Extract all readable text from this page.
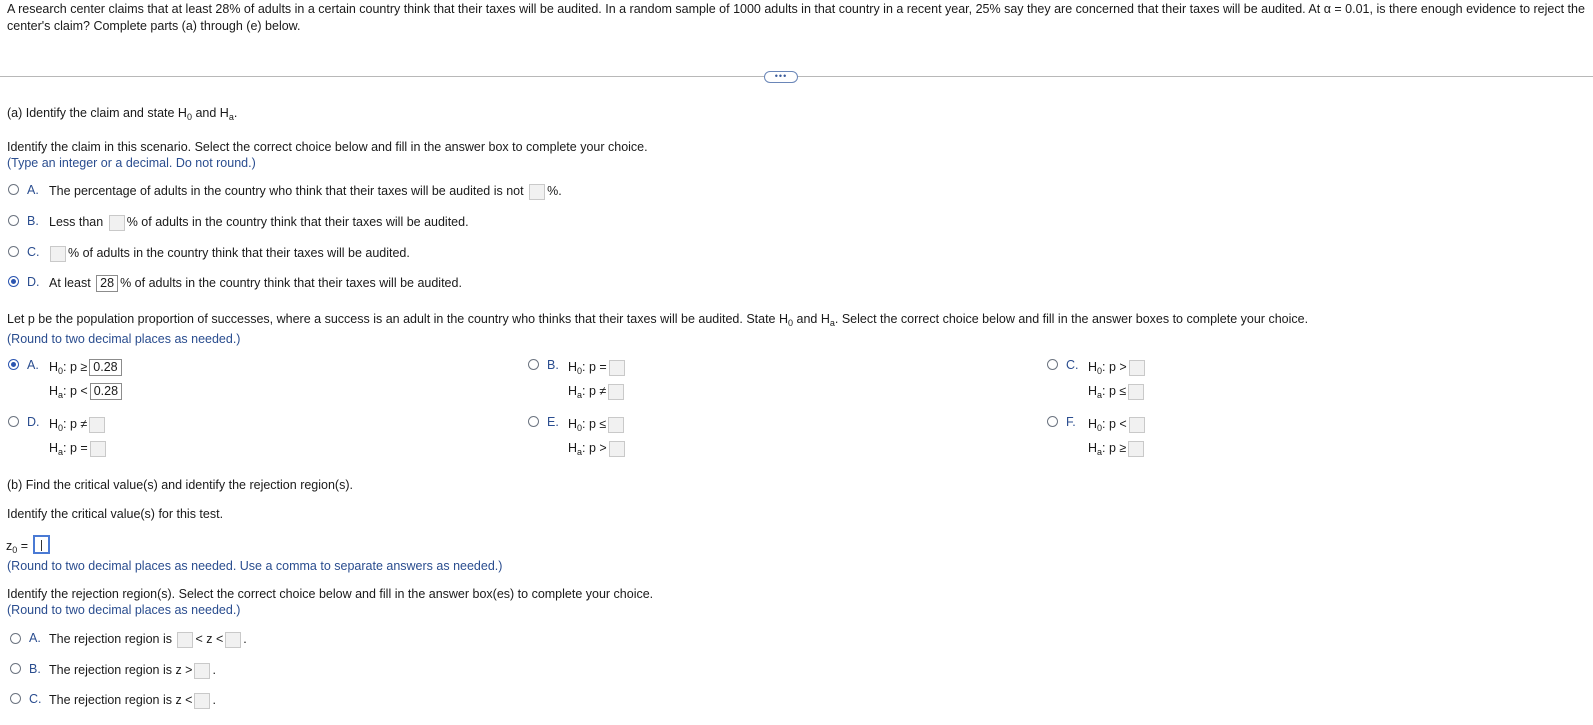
A research center claims that at least 28% of adults in a certain country think that their taxes will be audited. In a random sample of 1000 adults in that country in a recent year, 25% say they are concerned that their taxes will be audited. At α = 0.01, is there enough evidence to reject the center's claim? Complete parts (a) through (e) below.
•••
(a) Identify the claim and state $H_0$ and $H_a$.
Identify the claim in this scenario. Select the correct choice below and fill in the answer box to complete your choice.
(Type an integer or a decimal. Do not round.)
A. The percentage of adults in the country who think that their taxes will be audited is not %.
B. Less than % of adults in the country think that their taxes will be audited.
C.	% of adults in the country think that their taxes will be audited.
D. At least 28 % of adults in the country think that their taxes will be audited.
Let p be the population proportion of successes, where a success is an adult in the country who thinks that their taxes will be audited. State $H_0$ and $H_a$. Select the correct choice below and fill in the answer boxes to complete your choice.
(Round to two decimal places as needed.)
A. $H_0$: p ≥ 0.28
$H_a$: p < 0.28
B. $H_0$: p =
$H_a$: p ≠
C. $H_0$: p >
$H_a$: p ≤
D. $H_0$: p ≠
$H_a$: p =
E. $H_0$: p ≤
$H_a$: p >
F. $H_0$: p <
$H_a$: p ≥
(b) Find the critical value(s) and identify the rejection region(s).
Identify the critical value(s) for this test.
$z_0$ =
(Round to two decimal places as needed. Use a comma to separate answers as needed.)
Identify the rejection region(s). Select the correct choice below and fill in the answer box(es) to complete your choice.
(Round to two decimal places as needed.)
A. The rejection region is < z < .
B. The rejection region is z > .
C. The rejection region is z < .
